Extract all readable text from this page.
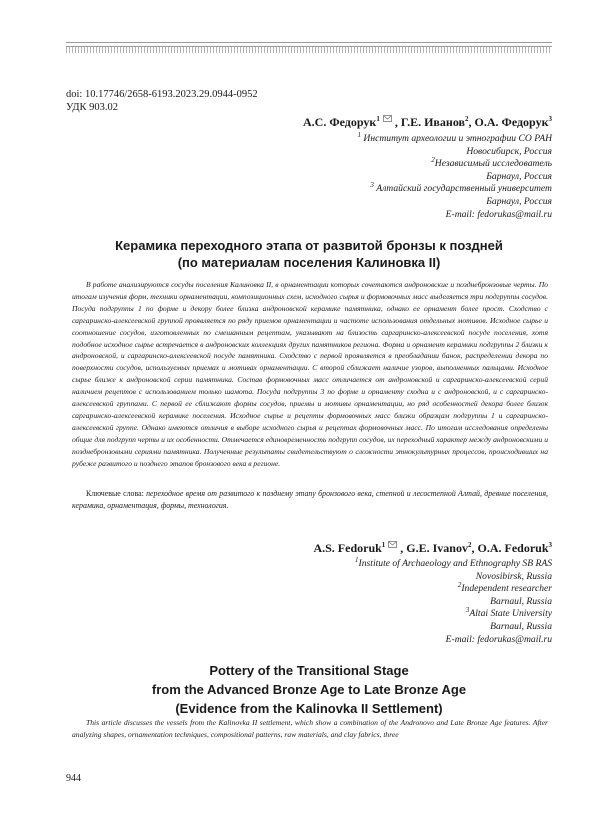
doi: 10.17746/2658-6193.2023.29.0944-0952
УДК 903.02
А.С. Федорук$^1$ , Г.Е. Иванов$^2$, О.А. Федорук$^3$
$^1$ Институт археологии и этнографии СО РАН
Новосибирск, Россия
$^2$Независимый исследователь
Барнаул, Россия
$^3$ Алтайский государственный университет
Барнаул, Россия
E-mail: fedorukas@mail.ru
Керамика переходного этапа от развитой бронзы к поздней
(по материалам поселения Калиновка II)

В работе анализируются сосуды поселения Калиновка II, в орнаментации которых сочетаются андроновские и позднебронзовые черты. По итогам изучения форм, техники орнаментации, композиционных схем, исходного сырья и формовочных масс выделяется три подгруппы сосудов. Посуда подгруппы 1 по форме и декору более близка андроновской керамике памятника, однако ее орнамент более прост. Сходство с саргаринско-алексеевской группой проявляется по ряду приемов орнаментации и частоте использования отдельных мотивов. Исходное сырье и соотношение сосудов, изготовленных по смешанным рецептам, указывают на близость саргаринско-алексеевской посуде поселения, хотя подобное исходное сырье встречается в андроновских коллекциях других памятников региона. Форма и орнамент керамики подгруппы 2 близки к андроновской, и саргаринско-алексеевской посуде памятника. Сходство с первой проявляется в преобладании банок, распределении декора по поверхности сосудов, используемых приемах и мотивах орнаментации. С второй сближает наличие узоров, выполненных пальцами. Исходное сырье ближе к андроновской серии памятника. Состав формовочных масс отличается от андроновской и саргаринско-алексеевской серий наличием рецептов с использованием только шамота. Посуда подгруппы 3 по форме и орнаменту сходна и с андроновской, и с саргаринско-алексеевской группами. С первой ее сближают формы сосудов, приемы и мотивы орнаментации, но ряд особенностей декора более близок саргаринско-алексеевской керамике поселения. Исходное сырье и рецепты формовочных масс близки образцам подгруппы 1 и саргаринско-алексеевской группе. Однако имеются отличия в выборе исходного сырья и рецептах формовочных масс. По итогам исследования определены общие для подгрупп черты и их особенности. Отмечается единовременность подгрупп сосудов, их переходный характер между андроновскими и позднебронзовыми сериями памятника. Полученные результаты свидетельствуют о сложности этнокультурных процессов, происходивших на рубеже развитого и позднего этапов бронзового века в регионе.

Ключевые слова: переходное время от развитого к позднему этапу бронзового века, степной и лесостепной Алтай, древние поселения, керамика, орнаментация, формы, технология.

A.S. Fedoruk$^1$ , G.E. Ivanov$^2$, O.A. Fedoruk$^3$
$^1$Institute of Archaeology and Ethnography SB RAS
Novosibirsk, Russia
$^2$Independent researcher
Barnaul, Russia
$^3$Altai State University
Barnaul, Russia
E-mail: fedorukas@mail.ru
Pottery of the Transitional Stage
from the Advanced Bronze Age to Late Bronze Age
(Evidence from the Kalinovka II Settlement)

This article discusses the vessels from the Kalinovka II settlement, which show a combination of the Andronovo and Late Bronze Age features. After analyzing shapes, ornamentation techniques, compositional patterns, raw materials, and clay fabrics, three

944
